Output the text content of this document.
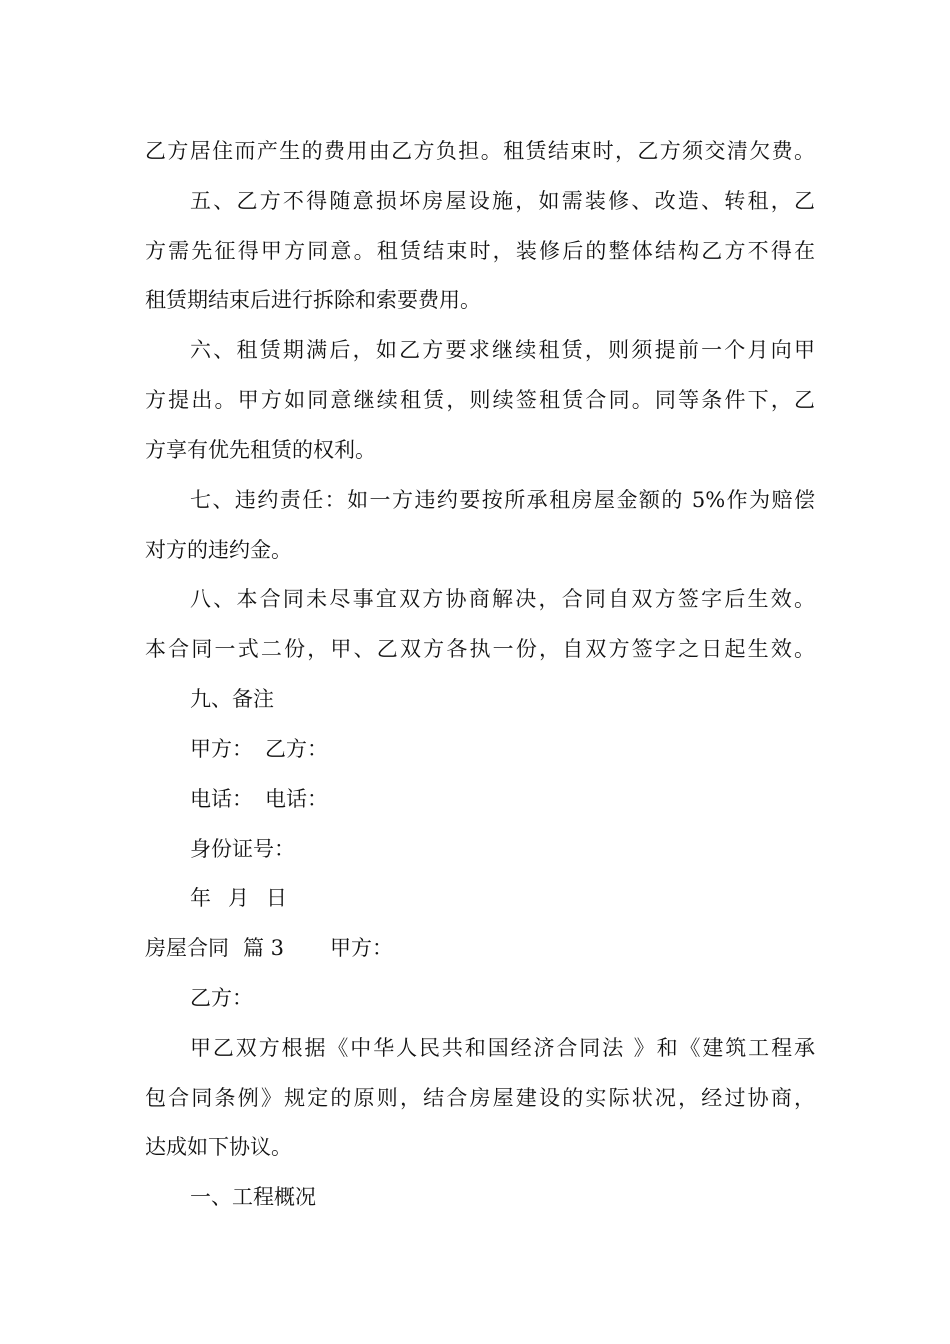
乙方居住而产生的费用由乙方负担。租赁结束时，乙方须交清欠费。
五、乙方不得随意损坏房屋设施，如需装修、改造、转租，乙
方需先征得甲方同意。租赁结束时，装修后的整体结构乙方不得在
租赁期结束后进行拆除和索要费用。
六、租赁期满后，如乙方要求继续租赁，则须提前一个月向甲
方提出。甲方如同意继续租赁，则续签租赁合同。同等条件下，乙
方享有优先租赁的权利。
七、违约责任：如一方违约要按所承租房屋金额的 5%作为赔偿
对方的违约金。
八、本合同未尽事宜双方协商解决，合同自双方签字后生效。
本合同一式二份，甲、乙双方各执一份，自双方签字之日起生效。
九、备注
甲方： 乙方：
电话： 电话：
身份证号：
年 月 日
房屋合同 篇 3 甲方：
乙方：
甲乙双方根据《中华人民共和国经济合同法 》和《建筑工程承
包合同条例》规定的原则，结合房屋建设的实际状况，经过协商，
达成如下协议。
一、工程概况
